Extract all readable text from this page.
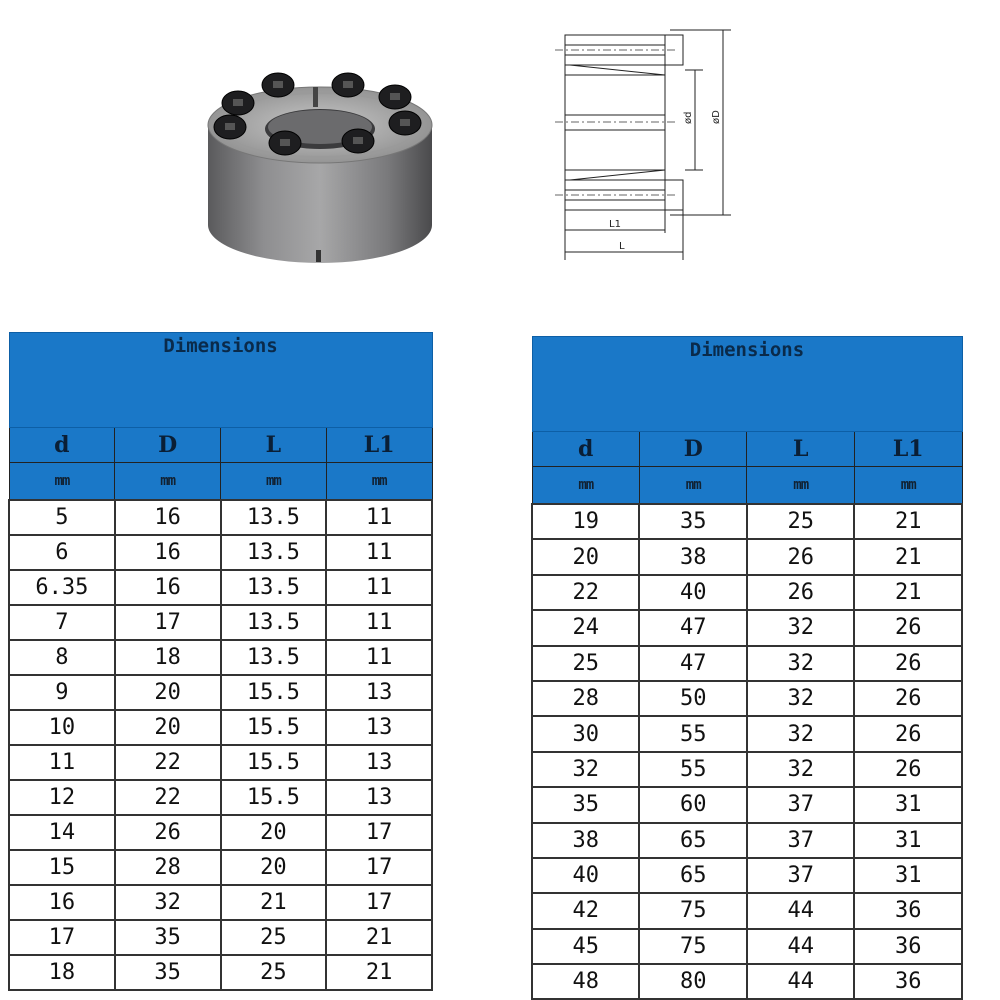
ød øD
L1
L
Dimensions			
d	D	L	L1
mm	mm	mm	mm
5	16	13.5	11
6	16	13.5	11
6.35	16	13.5	11
7	17	13.5	11
8	18	13.5	11
9	20	15.5	13
10	20	15.5	13
11	22	15.5	13
12	22	15.5	13
14	26	20	17
15	28	20	17
16	32	21	17
17	35	25	21
18	35	25	21
Dimensions			
d	D	L	L1
mm	mm	mm	mm
19	35	25	21
20	38	26	21
22	40	26	21
24	47	32	26
25	47	32	26
28	50	32	26
30	55	32	26
32	55	32	26
35	60	37	31
38	65	37	31
40	65	37	31
42	75	44	36
45	75	44	36
48	80	44	36
